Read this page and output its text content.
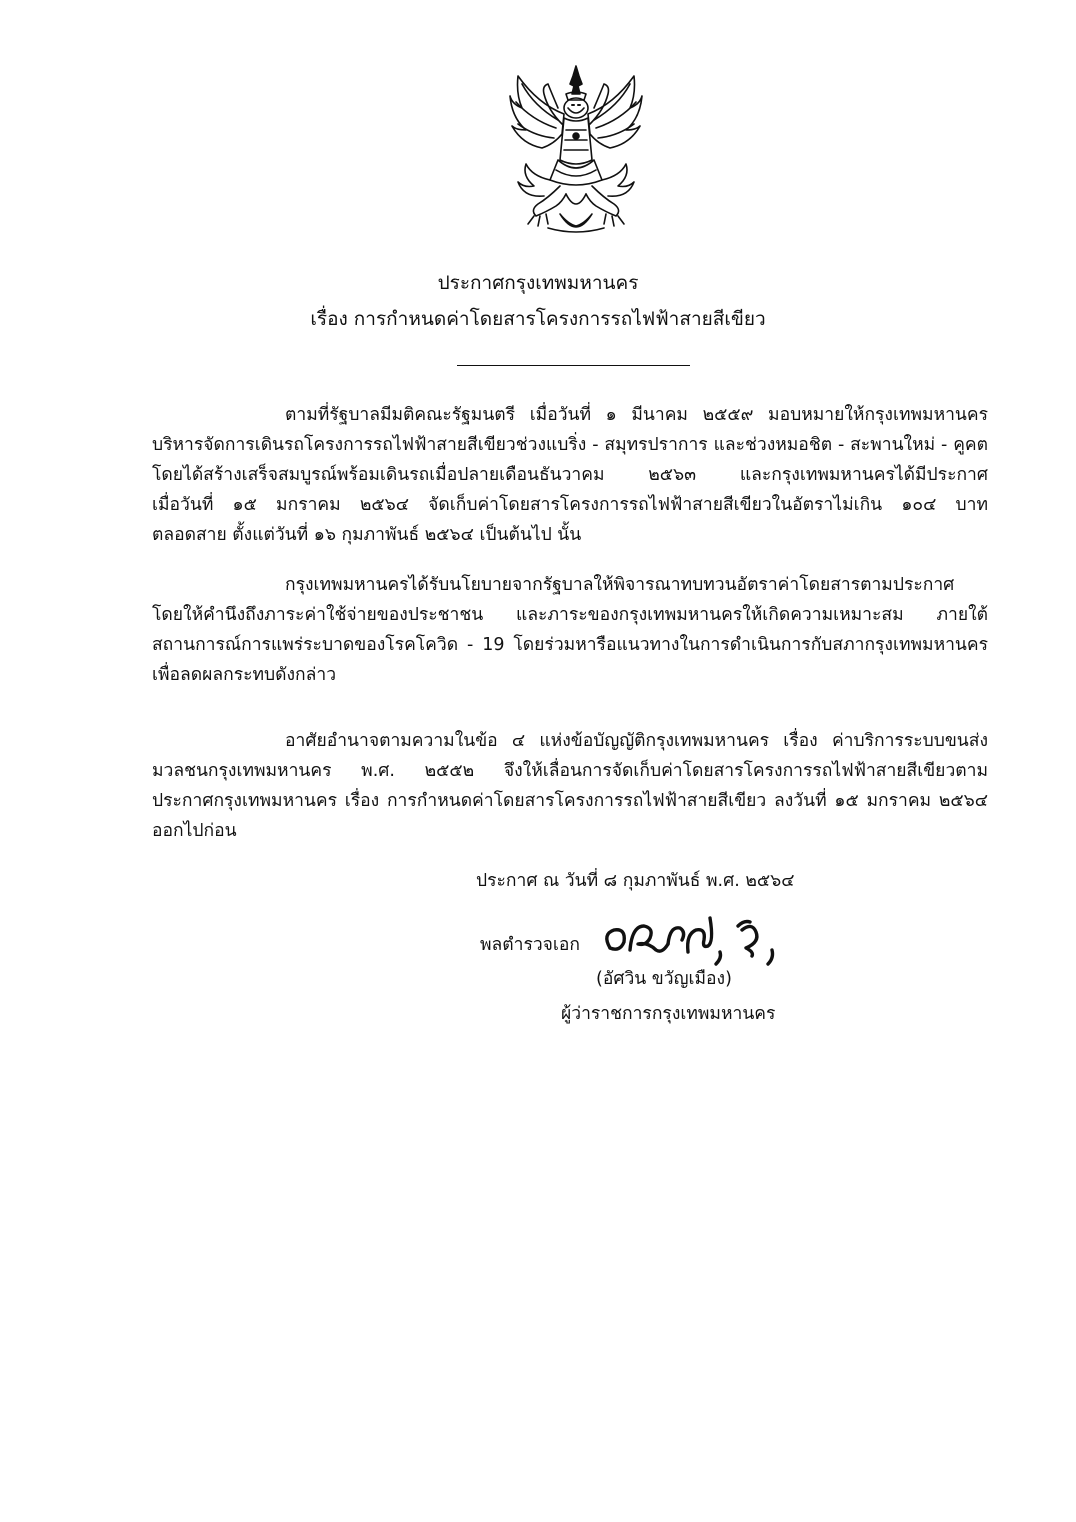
ประกาศกรุงเทพมหานคร
เรื่อง การกำหนดค่าโดยสารโครงการรถไฟฟ้าสายสีเขียว
ตามที่รัฐบาลมีมติคณะรัฐมนตรี เมื่อวันที่ ๑ มีนาคม ๒๕๕๙ มอบหมายให้กรุงเทพมหานคร
บริหารจัดการเดินรถโครงการรถไฟฟ้าสายสีเขียวช่วงแบริ่ง - สมุทรปราการ และช่วงหมอชิต - สะพานใหม่ - คูคต
โดยได้สร้างเสร็จสมบูรณ์พร้อมเดินรถเมื่อปลายเดือนธันวาคม ๒๕๖๓ และกรุงเทพมหานครได้มีประกาศ
เมื่อวันที่ ๑๕ มกราคม ๒๕๖๔ จัดเก็บค่าโดยสารโครงการรถไฟฟ้าสายสีเขียวในอัตราไม่เกิน ๑๐๔ บาท
ตลอดสาย ตั้งแต่วันที่ ๑๖ กุมภาพันธ์ ๒๕๖๔ เป็นต้นไป นั้น
กรุงเทพมหานครได้รับนโยบายจากรัฐบาลให้พิจารณาทบทวนอัตราค่าโดยสารตามประกาศ
โดยให้คำนึงถึงภาระค่าใช้จ่ายของประชาชน และภาระของกรุงเทพมหานครให้เกิดความเหมาะสม ภายใต้
สถานการณ์การแพร่ระบาดของโรคโควิด - 19 โดยร่วมหารือแนวทางในการดำเนินการกับสภากรุงเทพมหานคร
เพื่อลดผลกระทบดังกล่าว
อาศัยอำนาจตามความในข้อ ๔ แห่งข้อบัญญัติกรุงเทพมหานคร เรื่อง ค่าบริการระบบขนส่ง
มวลชนกรุงเทพมหานคร พ.ศ. ๒๕๕๒ จึงให้เลื่อนการจัดเก็บค่าโดยสารโครงการรถไฟฟ้าสายสีเขียวตาม
ประกาศกรุงเทพมหานคร เรื่อง การกำหนดค่าโดยสารโครงการรถไฟฟ้าสายสีเขียว ลงวันที่ ๑๕ มกราคม ๒๕๖๔
ออกไปก่อน
ประกาศ ณ วันที่ ๘ กุมภาพันธ์ พ.ศ. ๒๕๖๔
พลตำรวจเอก
(อัศวิน ขวัญเมือง)
ผู้ว่าราชการกรุงเทพมหานคร
